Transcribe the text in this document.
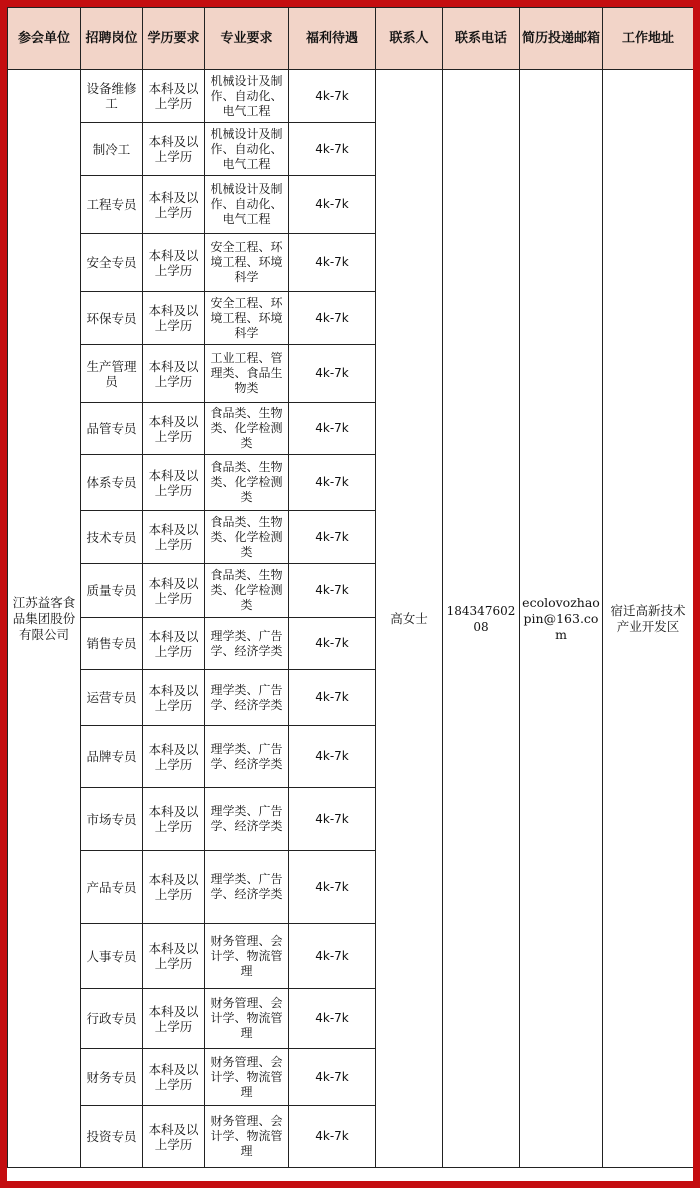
参会单位	招聘岗位	学历要求	专业要求	福利待遇	联系人	联系电话	简历投递邮箱	工作地址
江苏益客食品集团股份有限公司	设备维修工	本科及以上学历	机械设计及制作、自动化、电气工程	4k-7k	高女士	18434760208	ecolovozhaopin@163.com	宿迁高新技术产业开发区
	制冷工	本科及以上学历	机械设计及制作、自动化、电气工程	4k-7k				
	工程专员	本科及以上学历	机械设计及制作、自动化、电气工程	4k-7k				
	安全专员	本科及以上学历	安全工程、环境工程、环境科学	4k-7k				
	环保专员	本科及以上学历	安全工程、环境工程、环境科学	4k-7k				
	生产管理员	本科及以上学历	工业工程、管理类、食品生物类	4k-7k				
	品管专员	本科及以上学历	食品类、生物类、化学检测类	4k-7k				
	体系专员	本科及以上学历	食品类、生物类、化学检测类	4k-7k				
	技术专员	本科及以上学历	食品类、生物类、化学检测类	4k-7k				
	质量专员	本科及以上学历	食品类、生物类、化学检测类	4k-7k				
	销售专员	本科及以上学历	理学类、广告学、经济学类	4k-7k				
	运营专员	本科及以上学历	理学类、广告学、经济学类	4k-7k				
	品牌专员	本科及以上学历	理学类、广告学、经济学类	4k-7k				
	市场专员	本科及以上学历	理学类、广告学、经济学类	4k-7k				
	产品专员	本科及以上学历	理学类、广告学、经济学类	4k-7k				
	人事专员	本科及以上学历	财务管理、会计学、物流管理	4k-7k				
	行政专员	本科及以上学历	财务管理、会计学、物流管理	4k-7k				
	财务专员	本科及以上学历	财务管理、会计学、物流管理	4k-7k				
	投资专员	本科及以上学历	财务管理、会计学、物流管理	4k-7k				
